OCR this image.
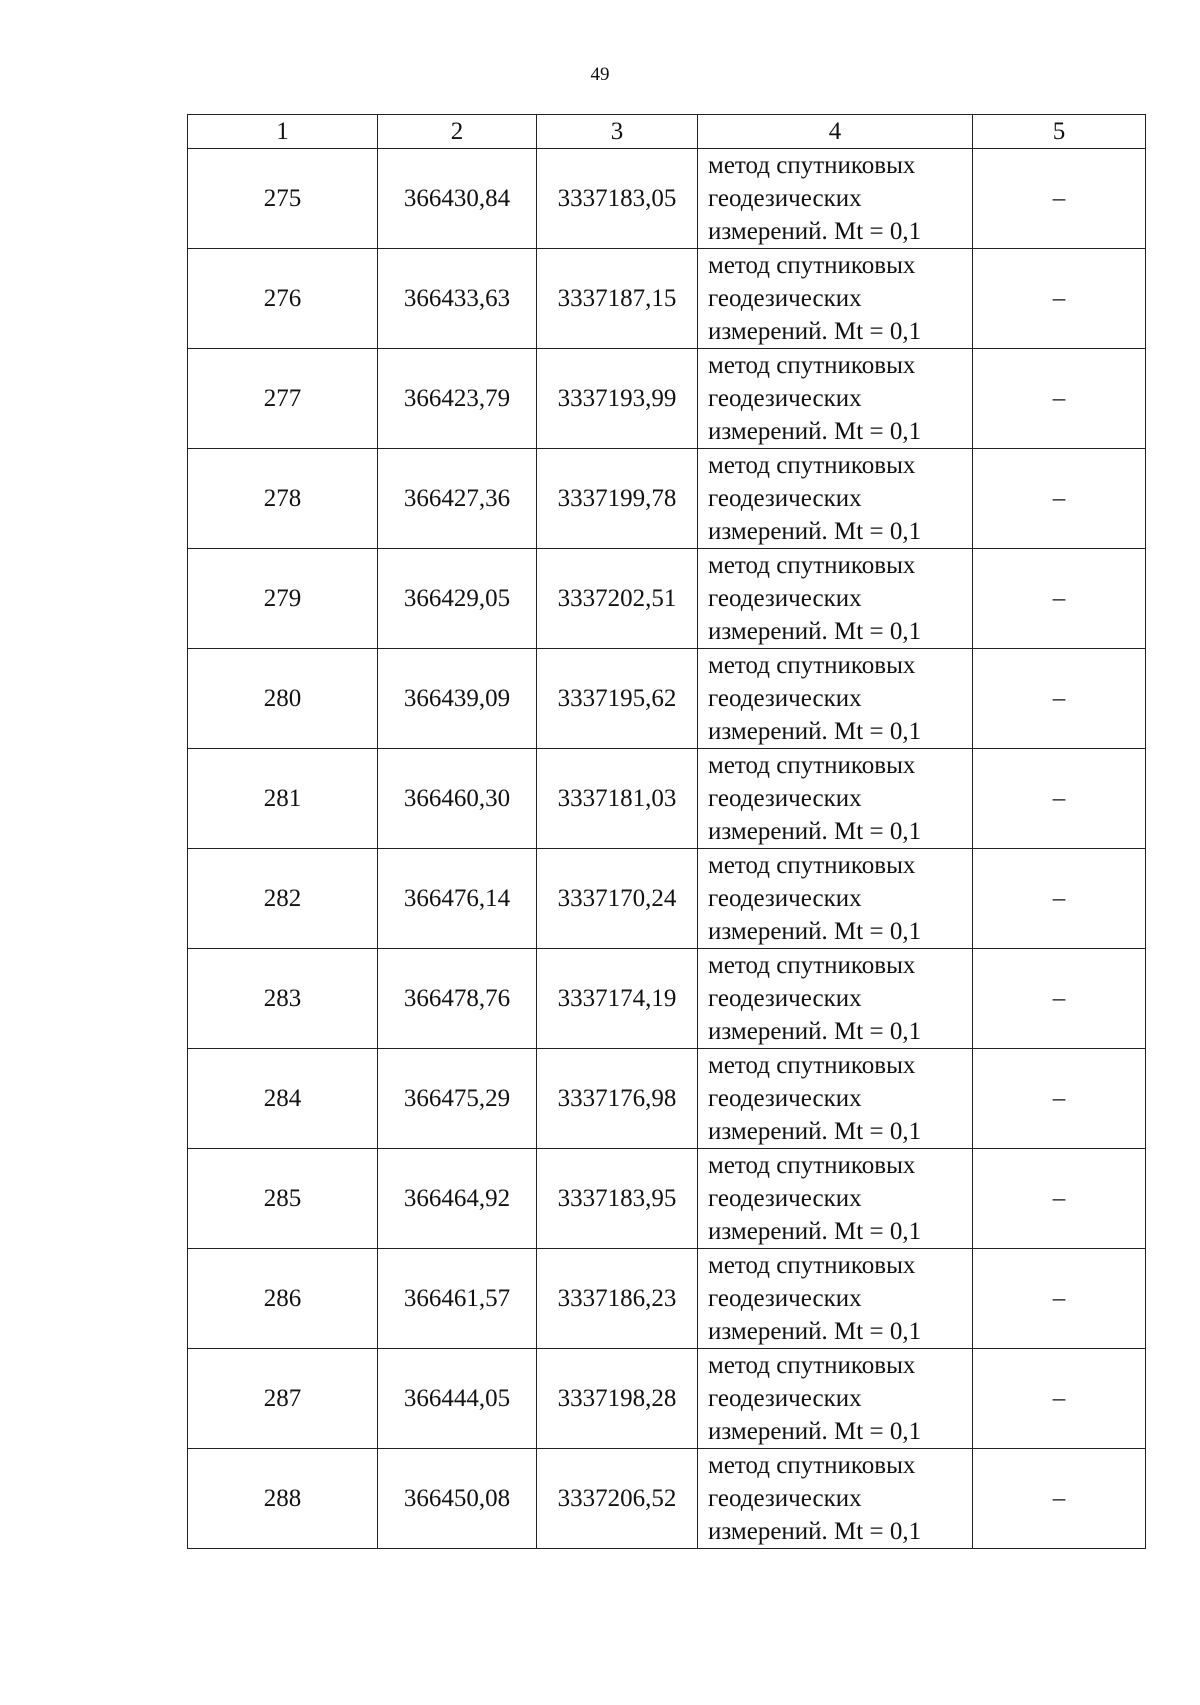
49
1	2	3	4	5
275	366430,84	3337183,05	метод спутниковых
геодезических
измерений. Mt = 0,1	–
276	366433,63	3337187,15	метод спутниковых
геодезических
измерений. Mt = 0,1	–
277	366423,79	3337193,99	метод спутниковых
геодезических
измерений. Mt = 0,1	–
278	366427,36	3337199,78	метод спутниковых
геодезических
измерений. Mt = 0,1	–
279	366429,05	3337202,51	метод спутниковых
геодезических
измерений. Mt = 0,1	–
280	366439,09	3337195,62	метод спутниковых
геодезических
измерений. Mt = 0,1	–
281	366460,30	3337181,03	метод спутниковых
геодезических
измерений. Mt = 0,1	–
282	366476,14	3337170,24	метод спутниковых
геодезических
измерений. Mt = 0,1	–
283	366478,76	3337174,19	метод спутниковых
геодезических
измерений. Mt = 0,1	–
284	366475,29	3337176,98	метод спутниковых
геодезических
измерений. Mt = 0,1	–
285	366464,92	3337183,95	метод спутниковых
геодезических
измерений. Mt = 0,1	–
286	366461,57	3337186,23	метод спутниковых
геодезических
измерений. Mt = 0,1	–
287	366444,05	3337198,28	метод спутниковых
геодезических
измерений. Mt = 0,1	–
288	366450,08	3337206,52	метод спутниковых
геодезических
измерений. Mt = 0,1	–
